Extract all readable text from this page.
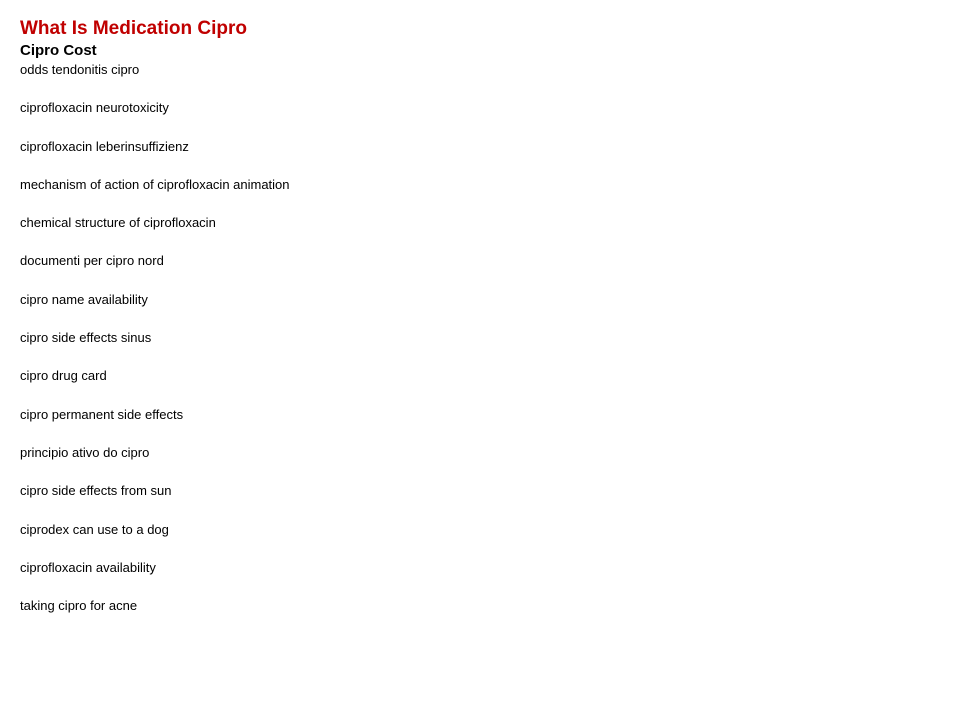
What Is Medication Cipro
Cipro Cost
odds tendonitis cipro
ciprofloxacin neurotoxicity
ciprofloxacin leberinsuffizienz
mechanism of action of ciprofloxacin animation
chemical structure of ciprofloxacin
documenti per cipro nord
cipro name availability
cipro side effects sinus
cipro drug card
cipro permanent side effects
principio ativo do cipro
cipro side effects from sun
ciprodex can use to a dog
ciprofloxacin availability
taking cipro for acne
